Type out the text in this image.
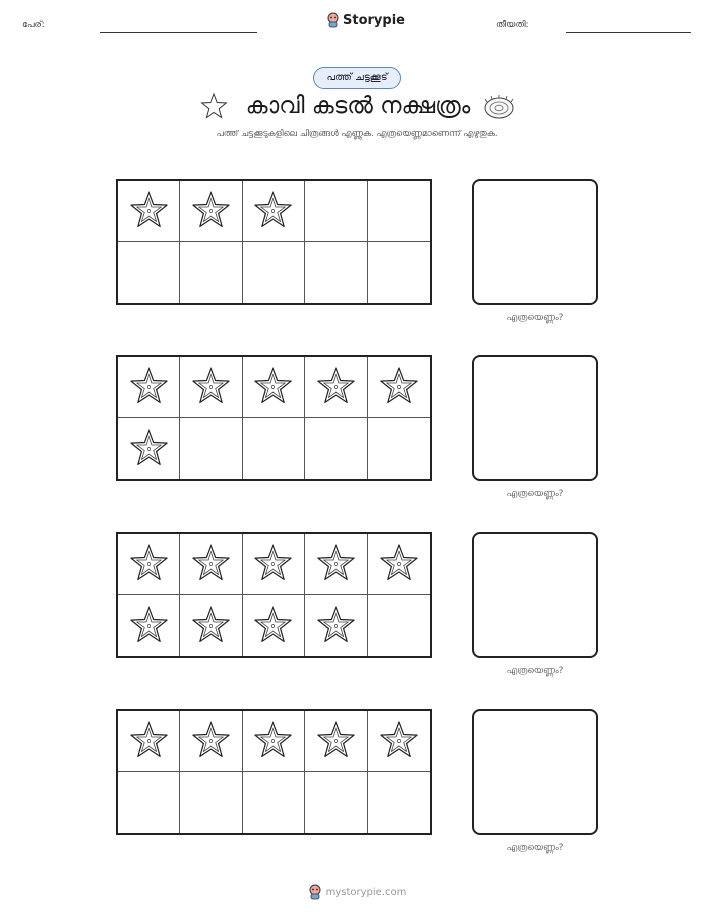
പേര്:	Storypie	തീയതി:
പത്ത് ചട്ടക്കൂട്
കാവി കടൽ നക്ഷത്രം
പത്ത് ചട്ടക്കൂടുകളിലെ ചിത്രങ്ങൾ എണ്ണുക. എത്രയെണ്ണമാണെന്ന് എഴുതുക.
എത്രയെണ്ണം?
എത്രയെണ്ണം?
എത്രയെണ്ണം?
എത്രയെണ്ണം?
mystorypie.com
